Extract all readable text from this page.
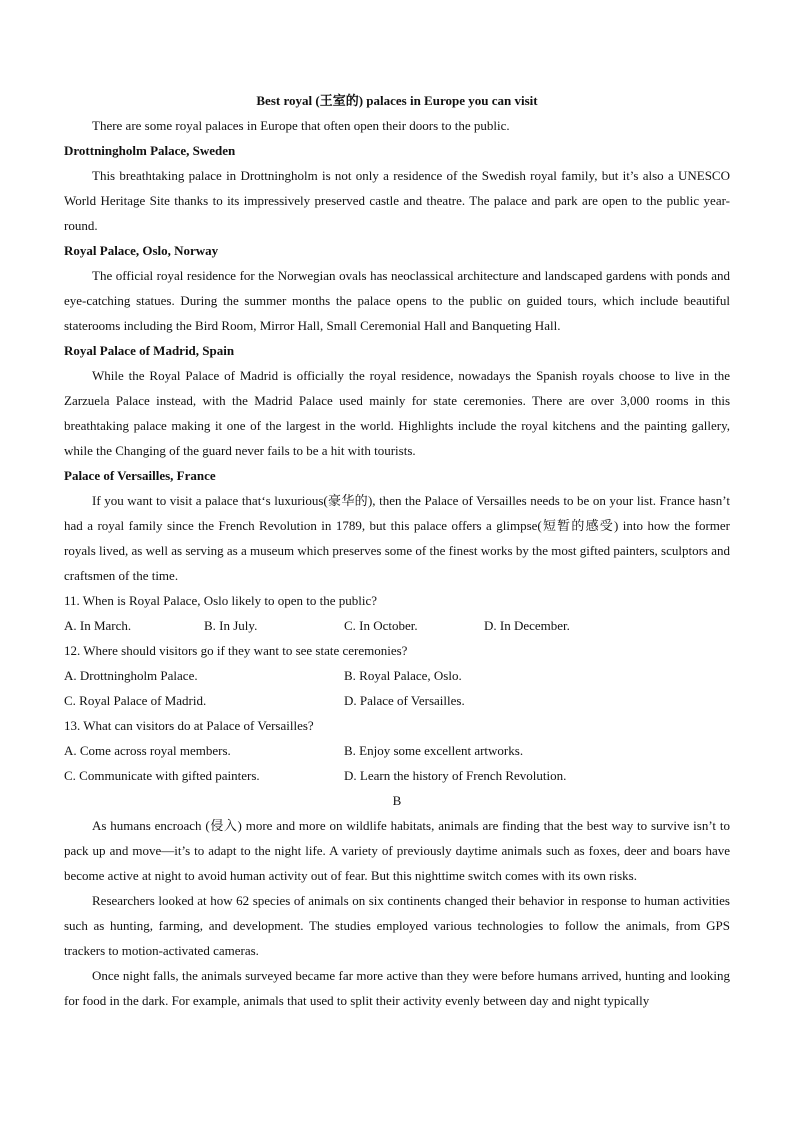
Best royal (王室的) palaces in Europe you can visit

There are some royal palaces in Europe that often open their doors to the public.

Drottningholm Palace, Sweden

This breathtaking palace in Drottningholm is not only a residence of the Swedish royal family, but it’s also a UNESCO World Heritage Site thanks to its impressively preserved castle and theatre. The palace and park are open to the public year-round.

Royal Palace, Oslo, Norway

The official royal residence for the Norwegian ovals has neoclassical architecture and landscaped gardens with ponds and eye-catching statues. During the summer months the palace opens to the public on guided tours, which include beautiful staterooms including the Bird Room, Mirror Hall, Small Ceremonial Hall and Banqueting Hall.

Royal Palace of Madrid, Spain

While the Royal Palace of Madrid is officially the royal residence, nowadays the Spanish royals choose to live in the Zarzuela Palace instead, with the Madrid Palace used mainly for state ceremonies. There are over 3,000 rooms in this breathtaking palace making it one of the largest in the world. Highlights include the royal kitchens and the painting gallery, while the Changing of the guard never fails to be a hit with tourists.

Palace of Versailles, France

If you want to visit a palace that‘s luxurious(豪华的), then the Palace of Versailles needs to be on your list. France hasn’t had a royal family since the French Revolution in 1789, but this palace offers a glimpse(短暂的感受) into how the former royals lived, as well as serving as a museum which preserves some of the finest works by the most gifted painters, sculptors and craftsmen of the time.

11. When is Royal Palace, Oslo likely to open to the public?

A. In March.	B. In July.	C. In October.	D. In December.

12. Where should visitors go if they want to see state ceremonies?

A. Drottningholm Palace.	B. Royal Palace, Oslo.
C. Royal Palace of Madrid.	D. Palace of Versailles.

13. What can visitors do at Palace of Versailles?

A. Come across royal members.	B. Enjoy some excellent artworks.
C. Communicate with gifted painters.	D. Learn the history of French Revolution.

B

As humans encroach (侵入) more and more on wildlife habitats, animals are finding that the best way to survive isn’t to pack up and move—it’s to adapt to the night life. A variety of previously daytime animals such as foxes, deer and boars have become active at night to avoid human activity out of fear. But this nighttime switch comes with its own risks.

Researchers looked at how 62 species of animals on six continents changed their behavior in response to human activities such as hunting, farming, and development. The studies employed various technologies to follow the animals, from GPS trackers to motion-activated cameras.

Once night falls, the animals surveyed became far more active than they were before humans arrived, hunting and looking for food in the dark. For example, animals that used to split their activity evenly between day and night typically
